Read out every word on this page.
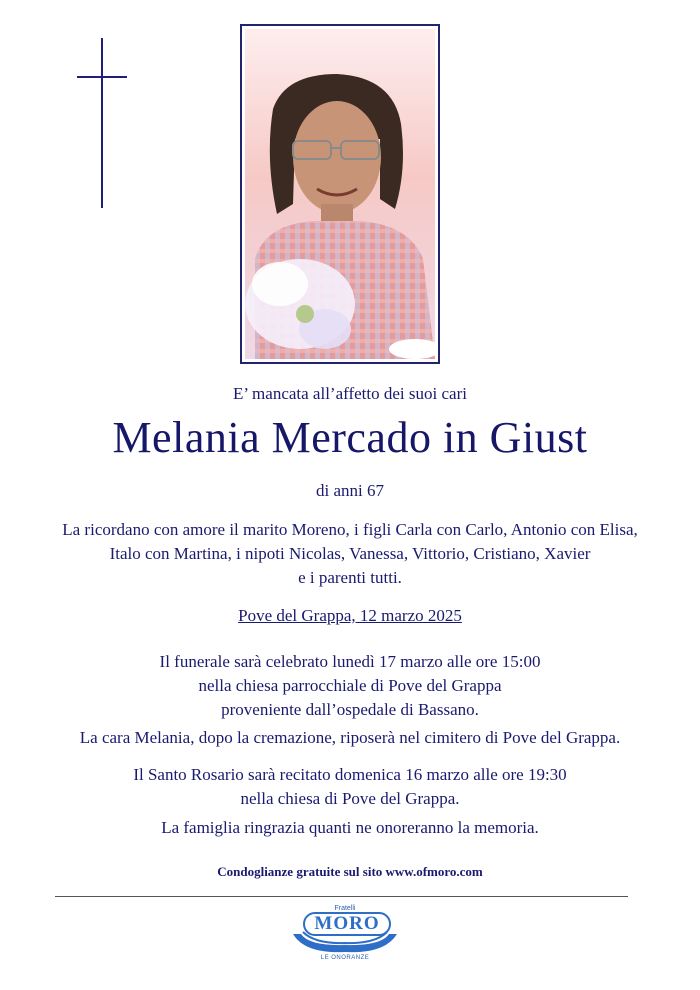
E’ mancata all’affetto dei suoi cari
Melania Mercado in Giust
di anni 67
La ricordano con amore il marito Moreno, i figli Carla con Carlo, Antonio con Elisa,
Italo con Martina, i nipoti Nicolas, Vanessa, Vittorio, Cristiano, Xavier
e i parenti tutti.
Pove del Grappa, 12 marzo 2025
Il funerale sarà celebrato lunedì 17 marzo alle ore 15:00
nella chiesa parrocchiale di Pove del Grappa
proveniente dall’ospedale di Bassano.
La cara Melania, dopo la cremazione, riposerà nel cimitero di Pove del Grappa.
Il Santo Rosario sarà recitato domenica 16 marzo alle ore 19:30
nella chiesa di Pove del Grappa.
La famiglia ringrazia quanti ne onoreranno la memoria.
Condoglianze gratuite sul sito www.ofmoro.com
Fratelli
MORO
LE ONORANZE
